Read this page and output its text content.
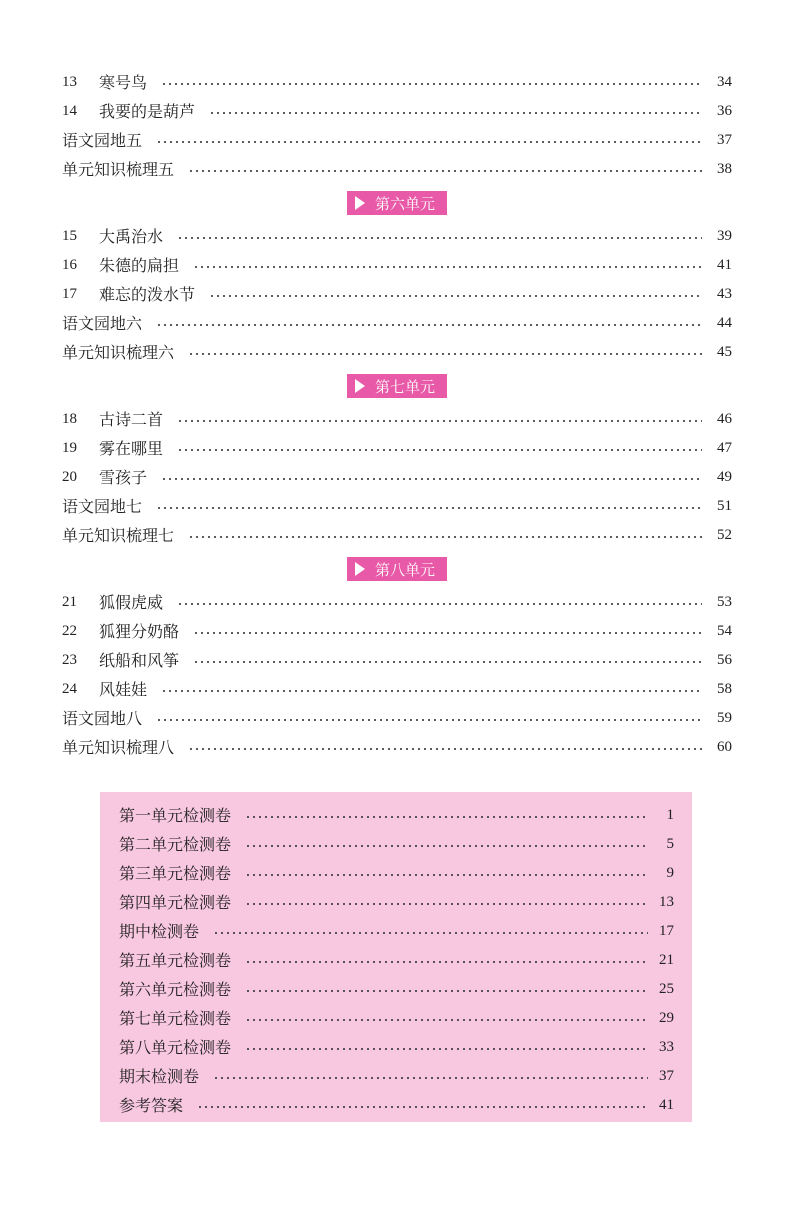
13	寒号鸟	34
14	我要的是葫芦	36
语文园地五	37
单元知识梳理五	38
第六单元
15	大禹治水	39
16	朱德的扁担	41
17	难忘的泼水节	43
语文园地六	44
单元知识梳理六	45
第七单元
18	古诗二首	46
19	雾在哪里	47
20	雪孩子	49
语文园地七	51
单元知识梳理七	52
第八单元
21	狐假虎威	53
22	狐狸分奶酪	54
23	纸船和风筝	56
24	风娃娃	58
语文园地八	59
单元知识梳理八	60
第一单元检测卷	1
第二单元检测卷	5
第三单元检测卷	9
第四单元检测卷	13
期中检测卷	17
第五单元检测卷	21
第六单元检测卷	25
第七单元检测卷	29
第八单元检测卷	33
期末检测卷	37
参考答案	41
